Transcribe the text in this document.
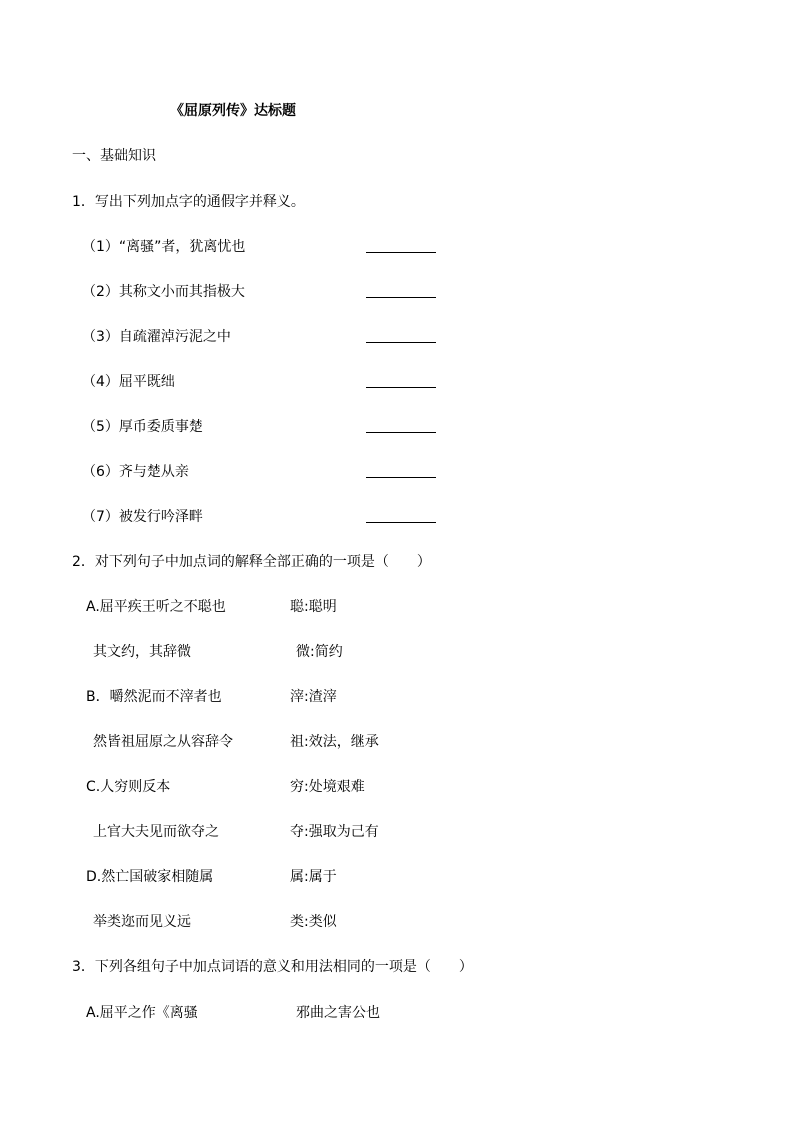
《屈原列传》达标题
一、基础知识
1．写出下列加点字的通假字并释义。
（1）“离骚”者，犹离忧也
（2）其称文小而其指极大
（3）自疏濯淖污泥之中
（4）屈平既绌
（5）厚币委质事楚
（6）齐与楚从亲
（7）被发行吟泽畔
2．对下列句子中加点词的解释全部正确的一项是（　　）
A.屈平疾王听之不聪也	聪:聪明
其文约，其辞微	微:简约
B．嚼然泥而不滓者也	滓:渣滓
然皆祖屈原之从容辞令	祖:效法，继承
C.人穷则反本	穷:处境艰难
上官大夫见而欲夺之	夺:强取为己有
D.然亡国破家相随属	属:属于
举类迩而见义远	类:类似
3．下列各组句子中加点词语的意义和用法相同的一项是（　　）
A.屈平之作《离骚	邪曲之害公也
